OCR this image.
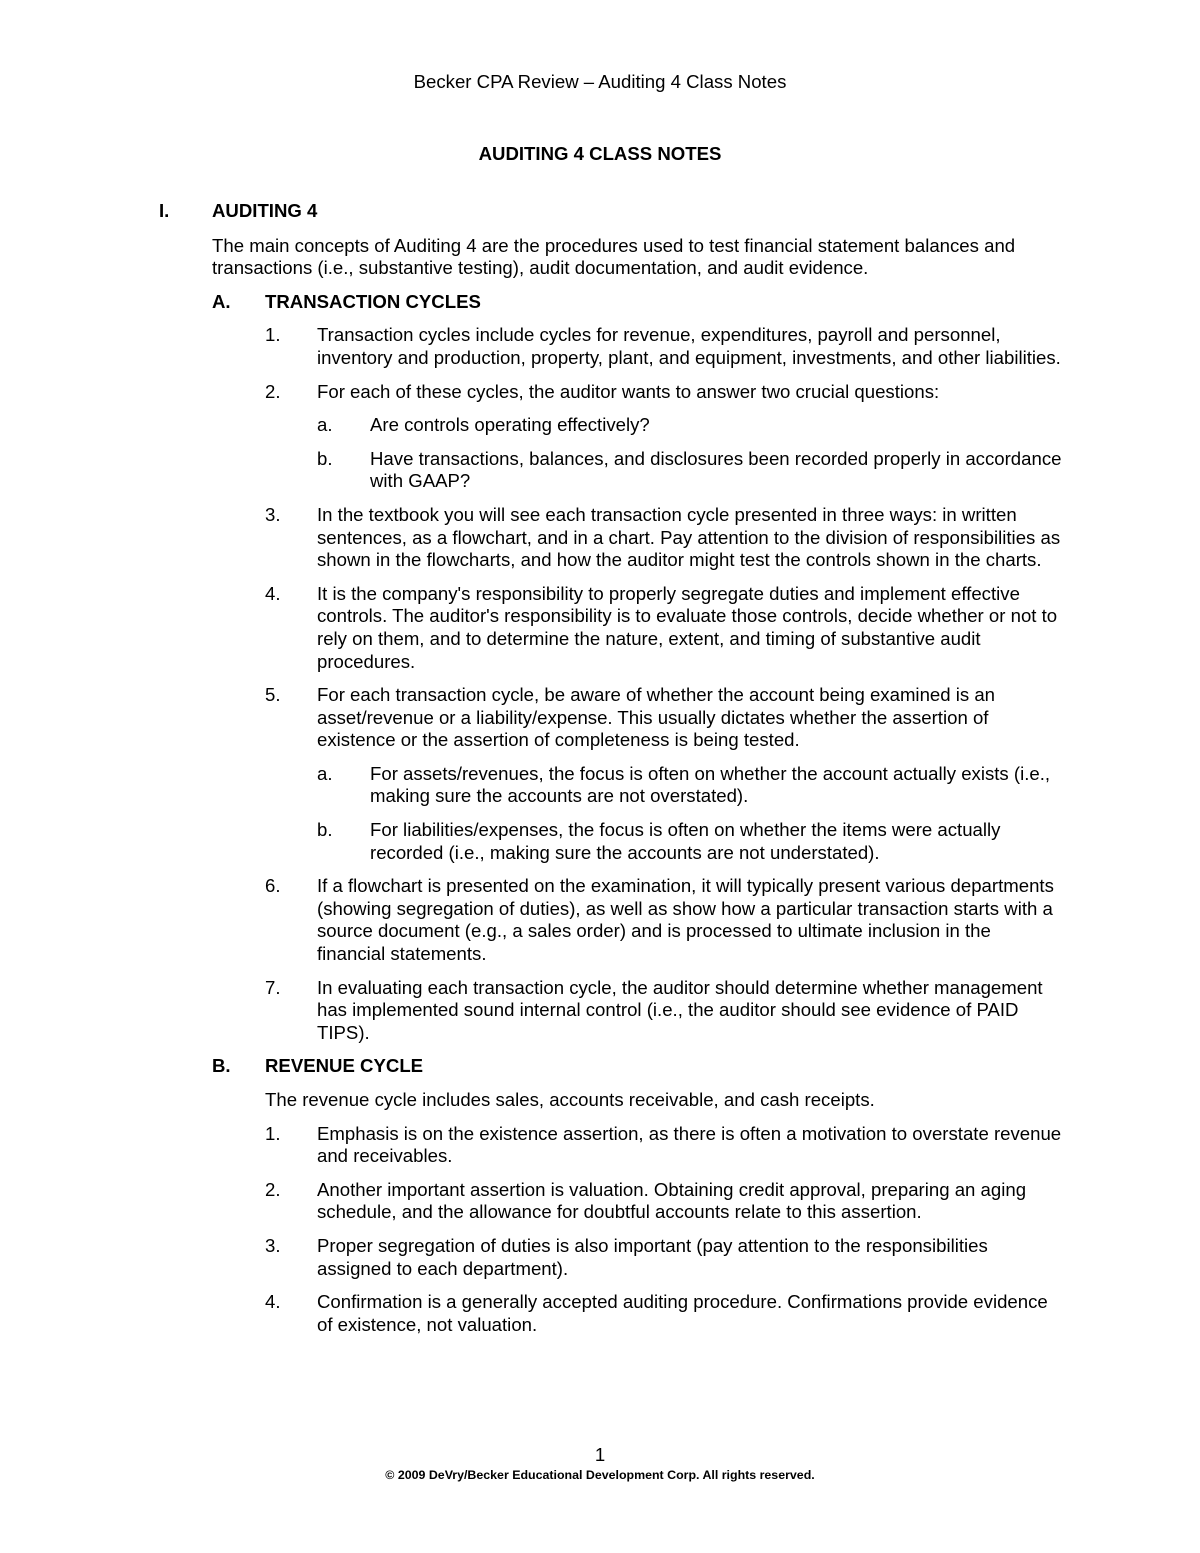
Becker CPA Review – Auditing 4 Class Notes
AUDITING 4 CLASS NOTES
I.	AUDITING 4
The main concepts of Auditing 4 are the procedures used to test financial statement balances and transactions (i.e., substantive testing), audit documentation, and audit evidence.
A.	TRANSACTION CYCLES
1.	Transaction cycles include cycles for revenue, expenditures, payroll and personnel, inventory and production, property, plant, and equipment, investments, and other liabilities.
2.	For each of these cycles, the auditor wants to answer two crucial questions:
a.	Are controls operating effectively?
b.	Have transactions, balances, and disclosures been recorded properly in accordance with GAAP?
3.	In the textbook you will see each transaction cycle presented in three ways: in written sentences, as a flowchart, and in a chart. Pay attention to the division of responsibilities as shown in the flowcharts, and how the auditor might test the controls shown in the charts.
4.	It is the company's responsibility to properly segregate duties and implement effective controls. The auditor's responsibility is to evaluate those controls, decide whether or not to rely on them, and to determine the nature, extent, and timing of substantive audit procedures.
5.	For each transaction cycle, be aware of whether the account being examined is an asset/revenue or a liability/expense. This usually dictates whether the assertion of existence or the assertion of completeness is being tested.
a.	For assets/revenues, the focus is often on whether the account actually exists (i.e., making sure the accounts are not overstated).
b.	For liabilities/expenses, the focus is often on whether the items were actually recorded (i.e., making sure the accounts are not understated).
6.	If a flowchart is presented on the examination, it will typically present various departments (showing segregation of duties), as well as show how a particular transaction starts with a source document (e.g., a sales order) and is processed to ultimate inclusion in the financial statements.
7.	In evaluating each transaction cycle, the auditor should determine whether management has implemented sound internal control (i.e., the auditor should see evidence of PAID TIPS).
B.	REVENUE CYCLE
The revenue cycle includes sales, accounts receivable, and cash receipts.
1.	Emphasis is on the existence assertion, as there is often a motivation to overstate revenue and receivables.
2.	Another important assertion is valuation. Obtaining credit approval, preparing an aging schedule, and the allowance for doubtful accounts relate to this assertion.
3.	Proper segregation of duties is also important (pay attention to the responsibilities assigned to each department).
4.	Confirmation is a generally accepted auditing procedure. Confirmations provide evidence of existence, not valuation.
1
© 2009 DeVry/Becker Educational Development Corp. All rights reserved.
